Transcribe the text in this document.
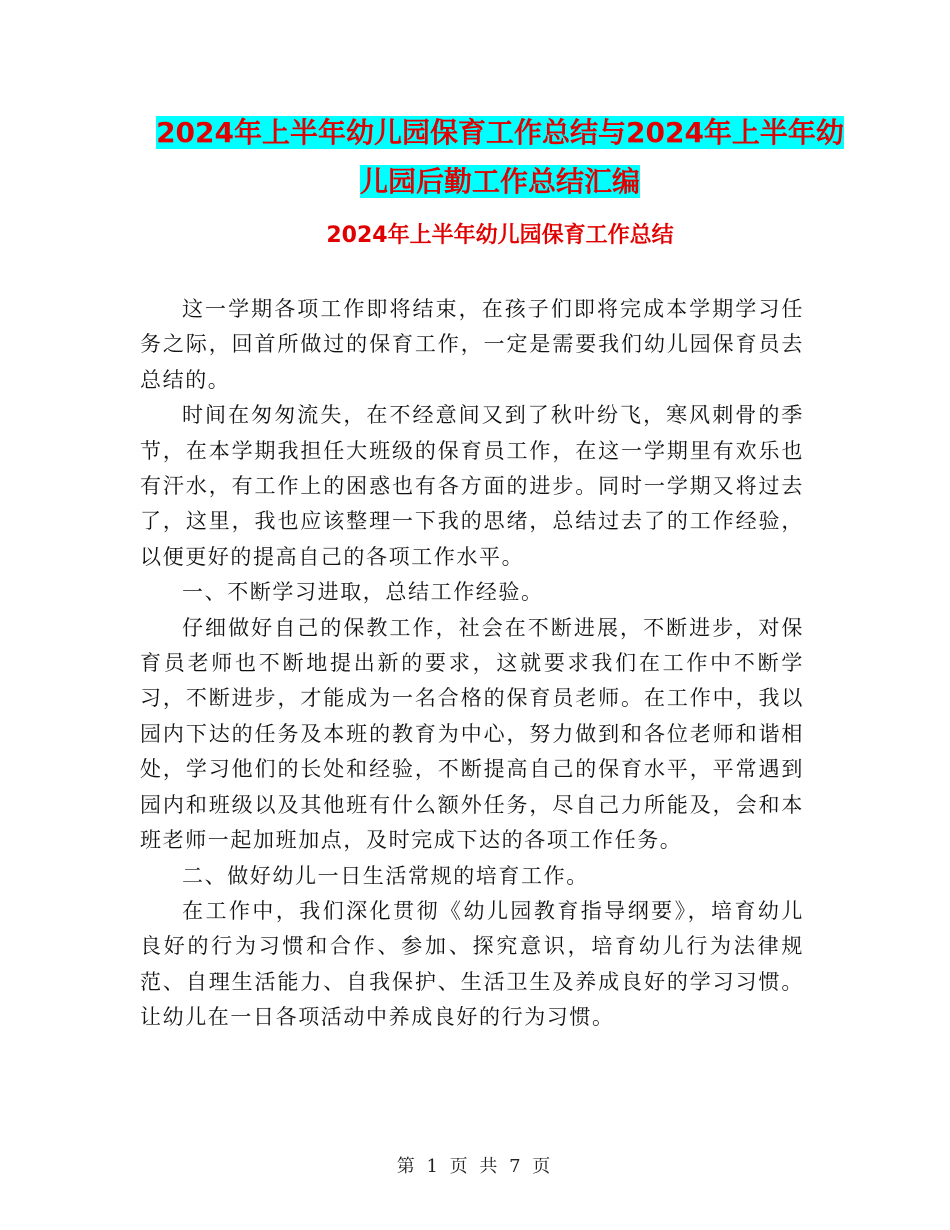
2024年上半年幼儿园保育工作总结与2024年上半年幼
儿园后勤工作总结汇编
2024年上半年幼儿园保育工作总结

这一学期各项工作即将结束，在孩子们即将完成本学期学习任务之际，回首所做过的保育工作，一定是需要我们幼儿园保育员去总结的。

时间在匆匆流失，在不经意间又到了秋叶纷飞，寒风刺骨的季节，在本学期我担任大班级的保育员工作，在这一学期里有欢乐也有汗水，有工作上的困惑也有各方面的进步。同时一学期又将过去了，这里，我也应该整理一下我的思绪，总结过去了的工作经验，以便更好的提高自己的各项工作水平。

一、不断学习进取，总结工作经验。

仔细做好自己的保教工作，社会在不断进展，不断进步，对保育员老师也不断地提出新的要求，这就要求我们在工作中不断学习，不断进步，才能成为一名合格的保育员老师。在工作中，我以园内下达的任务及本班的教育为中心，努力做到和各位老师和谐相处，学习他们的长处和经验，不断提高自己的保育水平，平常遇到园内和班级以及其他班有什么额外任务，尽自己力所能及，会和本班老师一起加班加点，及时完成下达的各项工作任务。

二、做好幼儿一日生活常规的培育工作。

在工作中，我们深化贯彻《幼儿园教育指导纲要》，培育幼儿良好的行为习惯和合作、参加、探究意识，培育幼儿行为法律规范、自理生活能力、自我保护、生活卫生及养成良好的学习习惯。让幼儿在一日各项活动中养成良好的行为习惯。

第 1 页 共 7 页
